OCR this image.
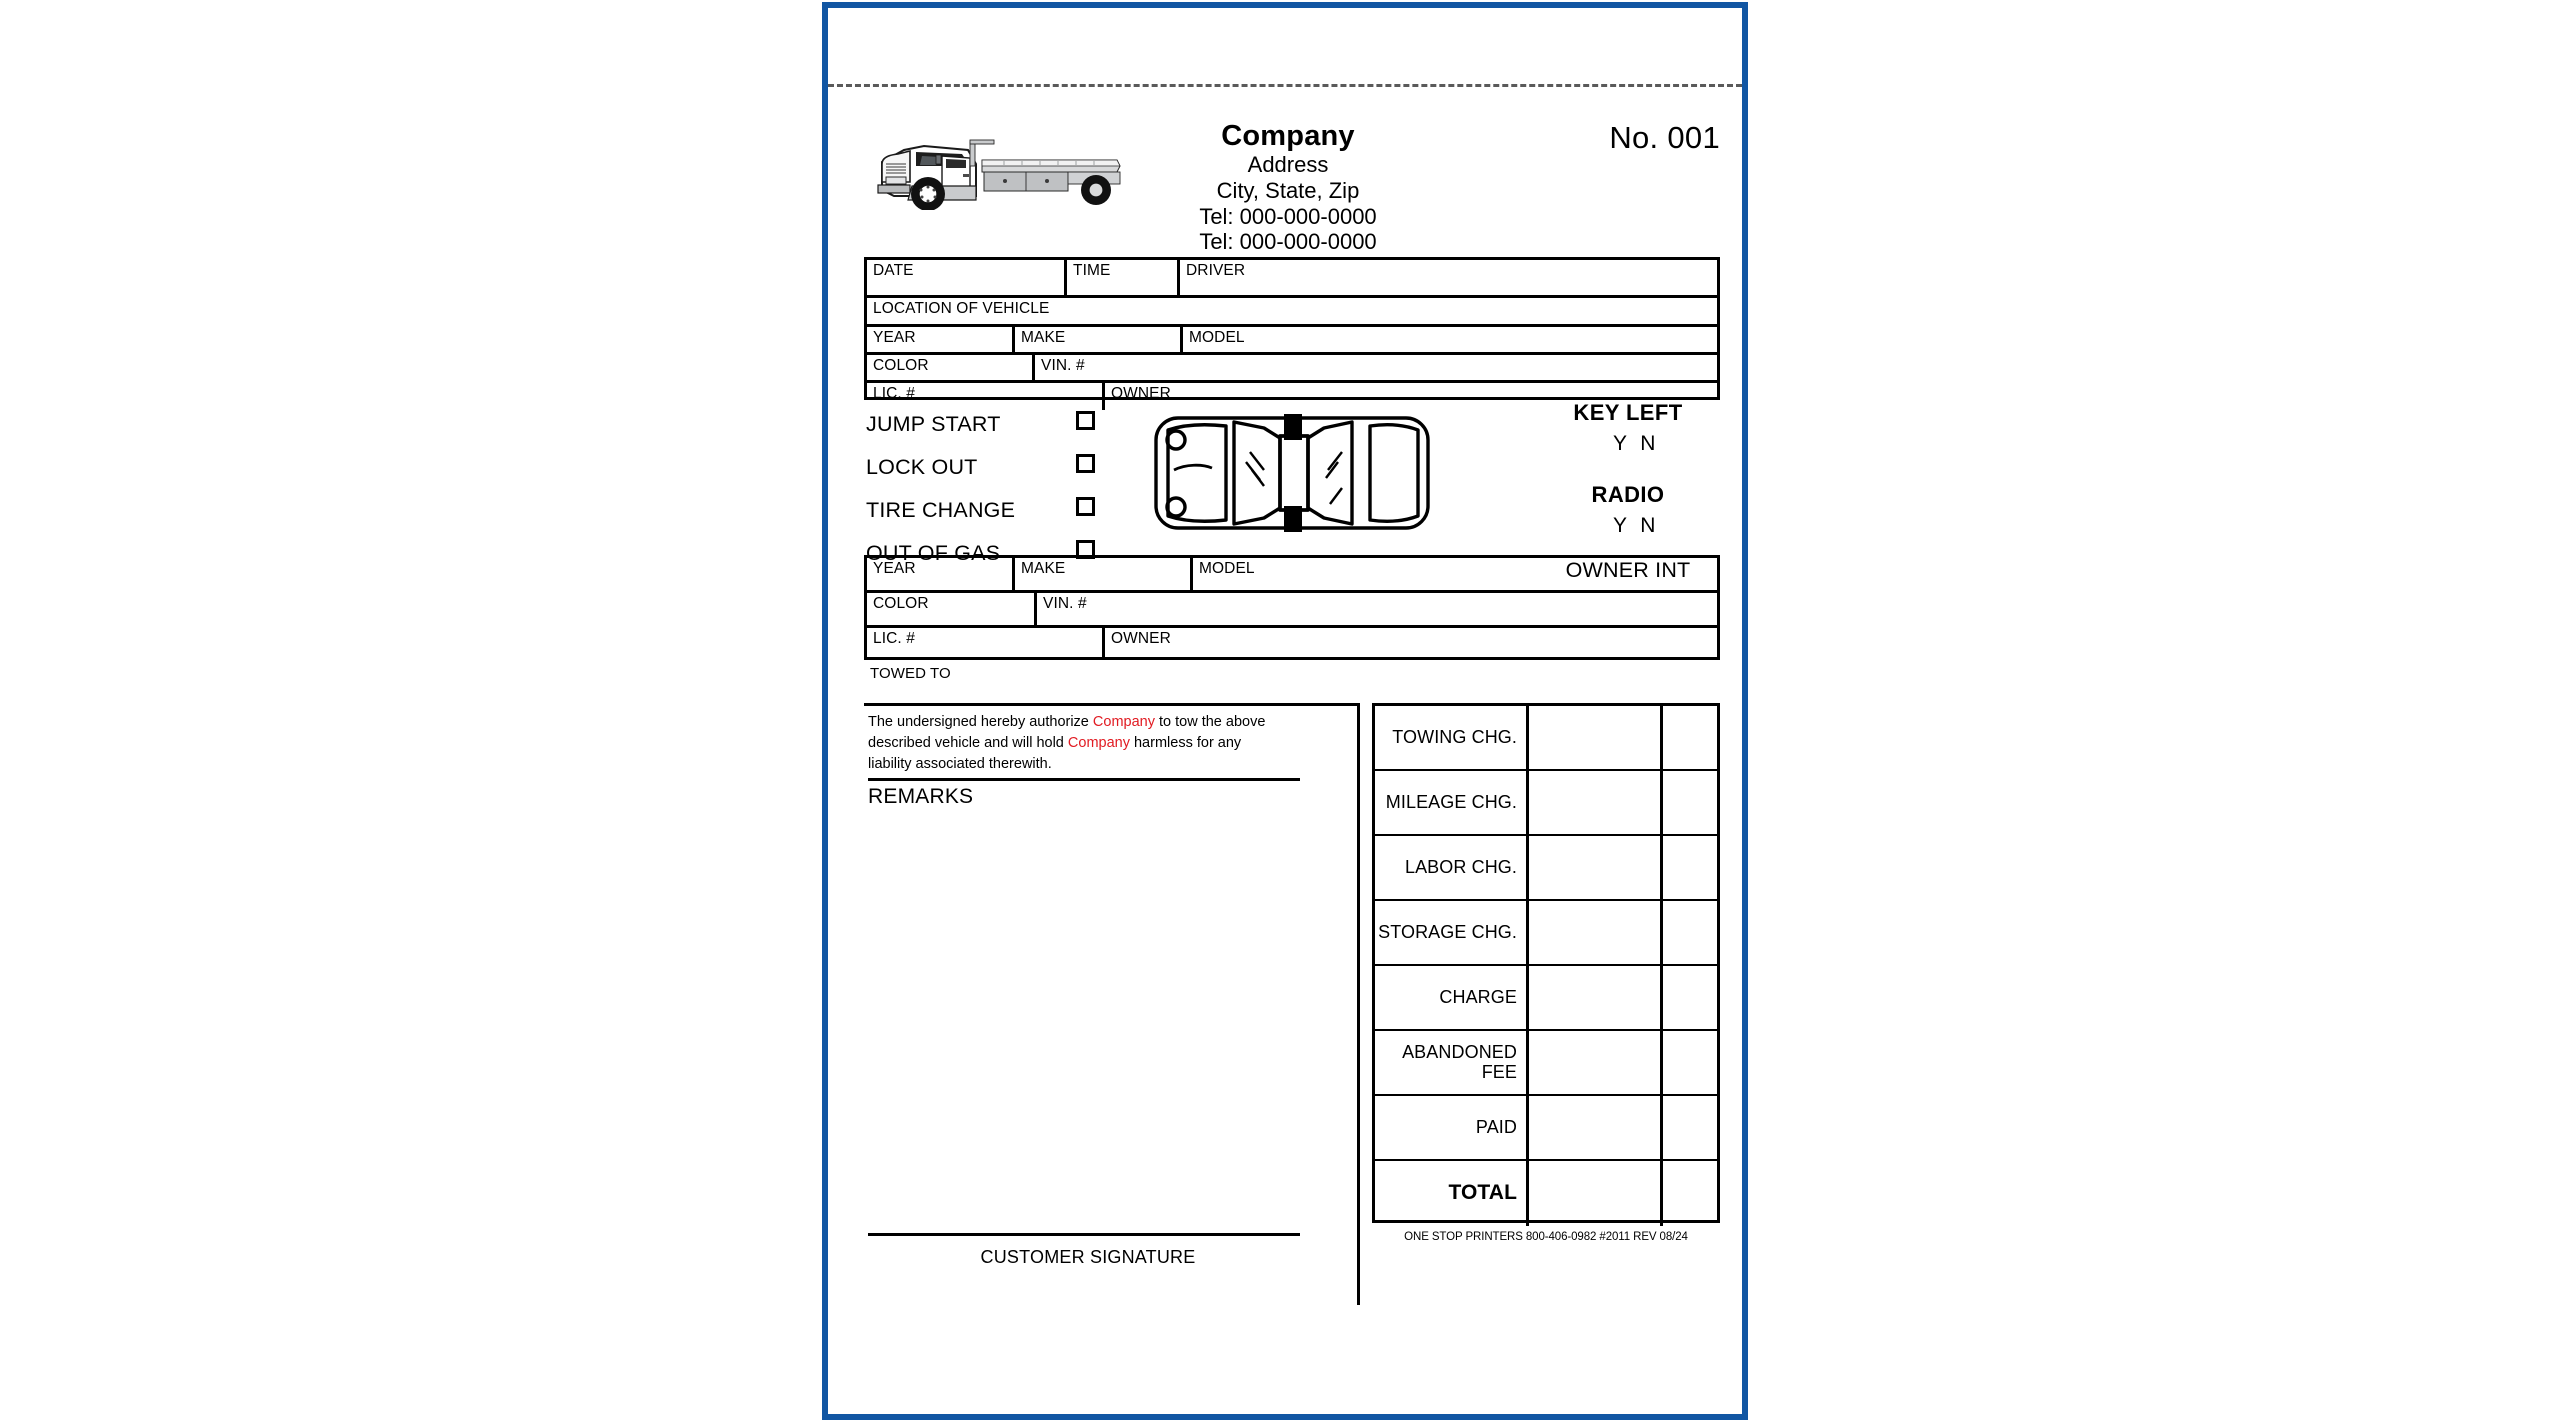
Company
Address
City, State, Zip
Tel: 000-000-0000
Tel: 000-000-0000
No. 001
DATE	TIME	DRIVER
LOCATION OF VEHICLE
YEAR	MAKE	MODEL
COLOR	VIN. #
LIC. #	OWNER
JUMP START
LOCK OUT
TIRE CHANGE
OUT OF GAS
KEY LEFT
Y N
RADIO
Y N
OWNER INT
YEAR	MAKE	MODEL
COLOR	VIN. #
LIC. #	OWNER
TOWED TO
The undersigned hereby authorize Company to tow the above described vehicle and will hold Company harmless for any liability associated therewith.
REMARKS
CUSTOMER SIGNATURE
TOWING CHG.
MILEAGE CHG.
LABOR CHG.
STORAGE CHG.
CHARGE
ABANDONED FEE
PAID
TOTAL
ONE STOP PRINTERS 800-406-0982 #2011 REV 08/24
